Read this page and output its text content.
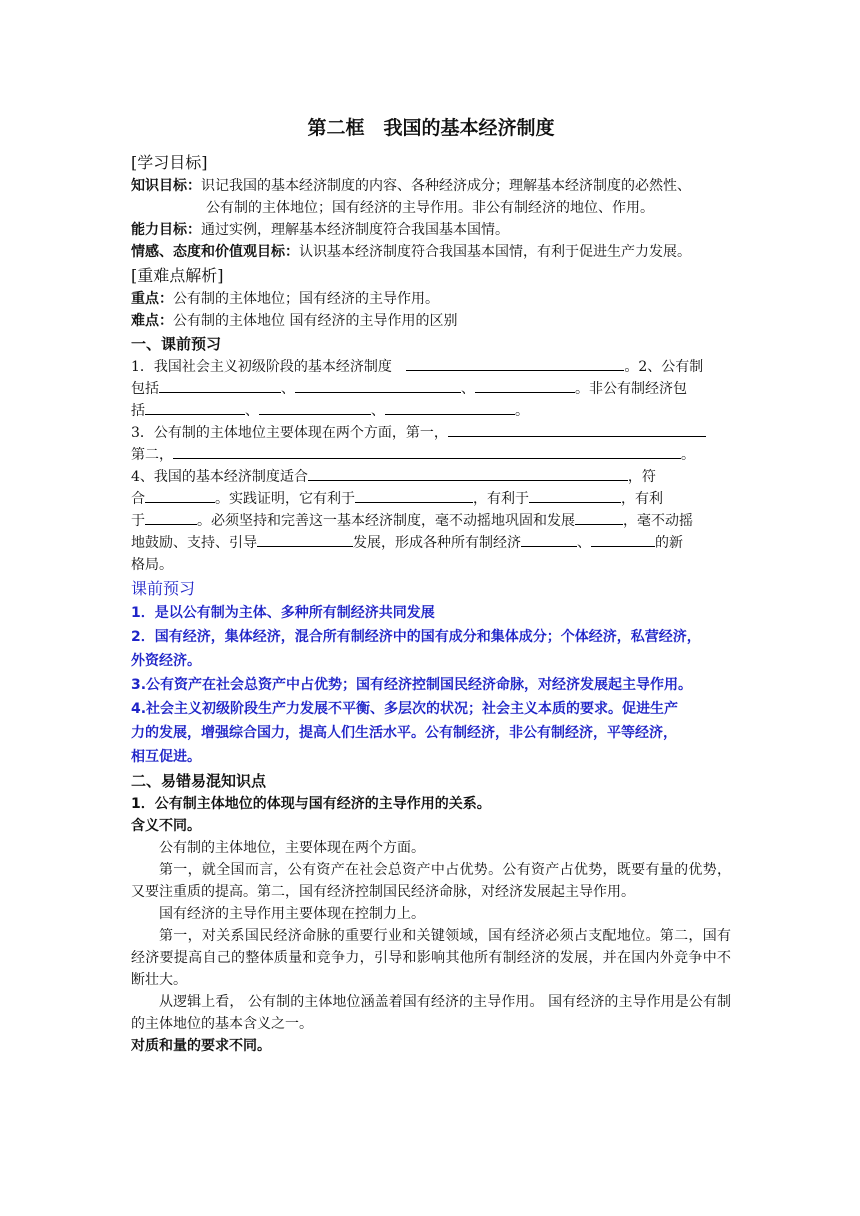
第二框　我国的基本经济制度
[学习目标]
知识目标：识记我国的基本经济制度的内容、各种经济成分；理解基本经济制度的必然性、
公有制的主体地位；国有经济的主导作用。非公有制经济的地位、作用。
能力目标：通过实例，理解基本经济制度符合我国基本国情。
情感、态度和价值观目标：认识基本经济制度符合我国基本国情，有利于促进生产力发展。
[重难点解析]
重点：公有制的主体地位；国有经济的主导作用。
难点：公有制的主体地位 国有经济的主导作用的区别
一、课前预习
1．我国社会主义初级阶段的基本经济制度	。2、公有制
包括	、	、	。非公有制经济包
括	、	、	。
3．公有制的主体地位主要体现在两个方面，第一，
第二，	。
4、我国的基本经济制度适合	，符
合	。实践证明，它有利于	，有利于	，有利
于	。必须坚持和完善这一基本经济制度，毫不动摇地巩固和发展	，毫不动摇
地鼓励、支持、引导	发展，形成各种所有制经济	、	的新
格局。
课前预习
1．是以公有制为主体、多种所有制经济共同发展
2．国有经济，集体经济，混合所有制经济中的国有成分和集体成分；个体经济，私营经济，
外资经济。
3.公有资产在社会总资产中占优势；国有经济控制国民经济命脉，对经济发展起主导作用。
4.社会主义初级阶段生产力发展不平衡、多层次的状况；社会主义本质的要求。促进生产
力的发展，增强综合国力，提高人们生活水平。公有制经济，非公有制经济，平等经济，
相互促进。
二、易错易混知识点
1．公有制主体地位的体现与国有经济的主导作用的关系。
含义不同。
公有制的主体地位，主要体现在两个方面。
第一，就全国而言，公有资产在社会总资产中占优势。公有资产占优势，既要有量的优势，又要注重质的提高。第二，国有经济控制国民经济命脉，对经济发展起主导作用。
国有经济的主导作用主要体现在控制力上。
第一，对关系国民经济命脉的重要行业和关键领域，国有经济必须占支配地位。第二，国有经济要提高自己的整体质量和竞争力，引导和影响其他所有制经济的发展，并在国内外竞争中不断壮大。
从逻辑上看， 公有制的主体地位涵盖着国有经济的主导作用。 国有经济的主导作用是公有制的主体地位的基本含义之一。
对质和量的要求不同。
